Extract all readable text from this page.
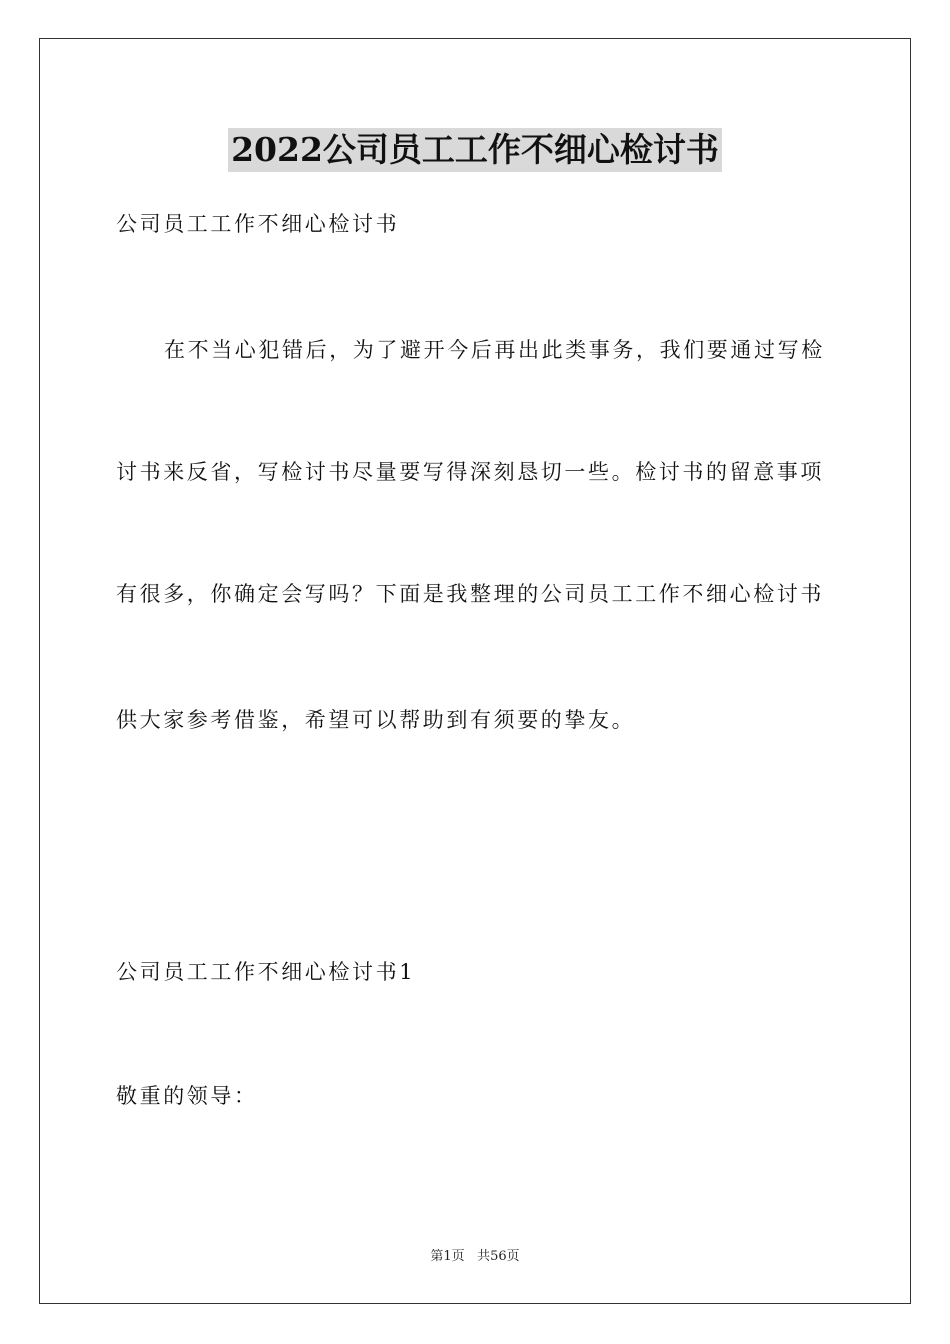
2022公司员工工作不细心检讨书
公司员工工作不细心检讨书
在不当心犯错后，为了避开今后再出此类事务，我们要通过写检
讨书来反省，写检讨书尽量要写得深刻恳切一些。检讨书的留意事项
有很多，你确定会写吗？下面是我整理的公司员工工作不细心检讨书
供大家参考借鉴，希望可以帮助到有须要的挚友。
公司员工工作不细心检讨书1
敬重的领导：
第1页 共56页
